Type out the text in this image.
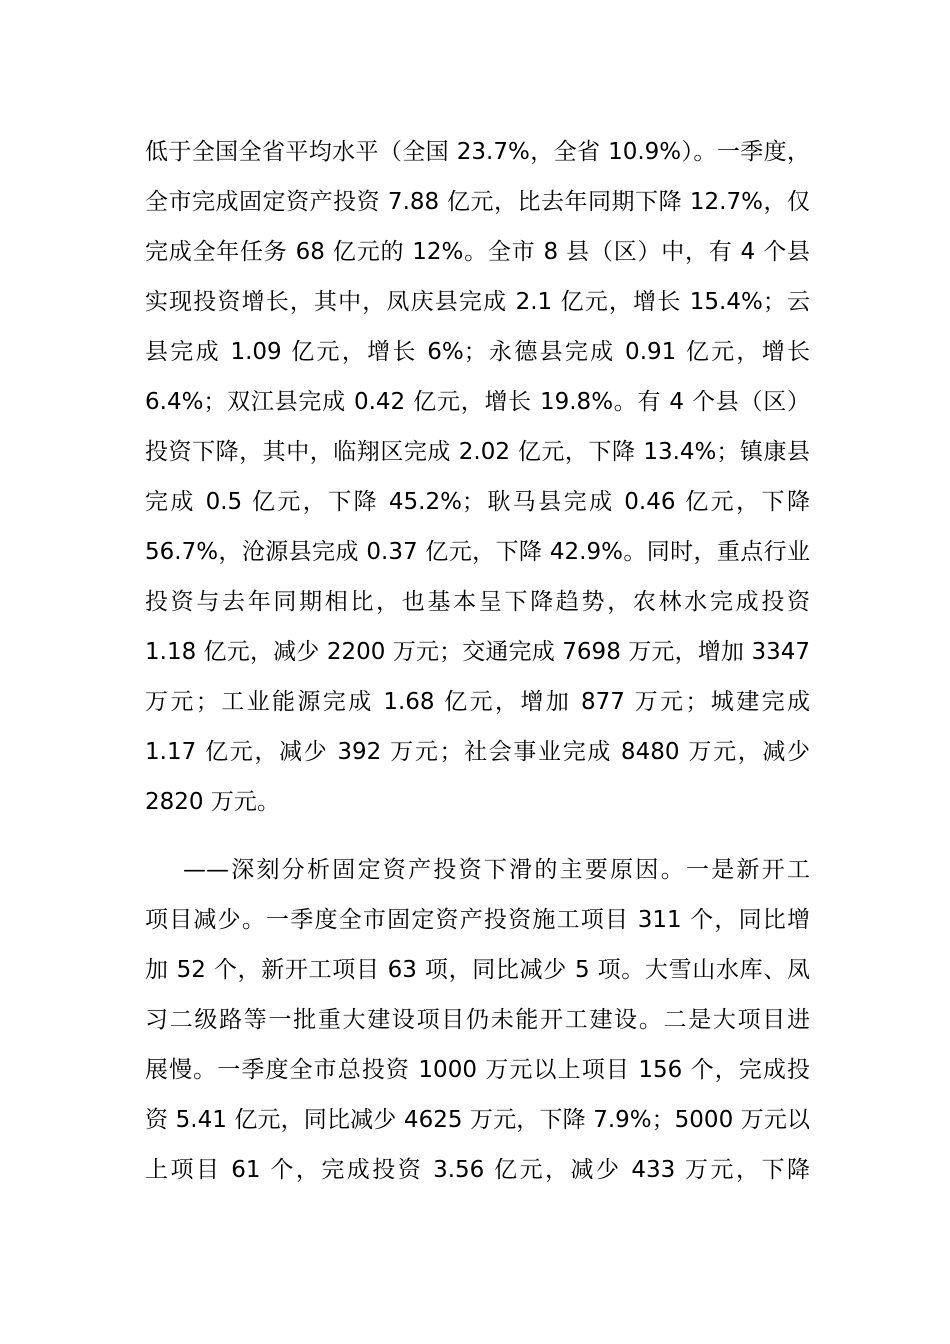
低于全国全省平均水平（全国 23.7%，全省 10.9%）。一季度，
全市完成固定资产投资 7.88 亿元，比去年同期下降 12.7%，仅
完成全年任务 68 亿元的 12%。全市 8 县（区）中，有 4 个县
实现投资增长，其中，凤庆县完成 2.1 亿元，增长 15.4%；云
县完成 1.09 亿元，增长 6%；永德县完成 0.91 亿元，增长
6.4%；双江县完成 0.42 亿元，增长 19.8%。有 4 个县（区）
投资下降，其中，临翔区完成 2.02 亿元，下降 13.4%；镇康县
完成 0.5 亿元，下降 45.2%；耿马县完成 0.46 亿元，下降
56.7%，沧源县完成 0.37 亿元，下降 42.9%。同时，重点行业
投资与去年同期相比，也基本呈下降趋势，农林水完成投资
1.18 亿元，减少 2200 万元；交通完成 7698 万元，增加 3347
万元；工业能源完成 1.68 亿元，增加 877 万元；城建完成
1.17 亿元，减少 392 万元；社会事业完成 8480 万元，减少
2820 万元。
——深刻分析固定资产投资下滑的主要原因。一是新开工
项目减少。一季度全市固定资产投资施工项目 311 个，同比增
加 52 个，新开工项目 63 项，同比减少 5 项。大雪山水库、凤
习二级路等一批重大建设项目仍未能开工建设。二是大项目进
展慢。一季度全市总投资 1000 万元以上项目 156 个，完成投
资 5.41 亿元，同比减少 4625 万元，下降 7.9%；5000 万元以
上项目 61 个，完成投资 3.56 亿元，减少 433 万元，下降
